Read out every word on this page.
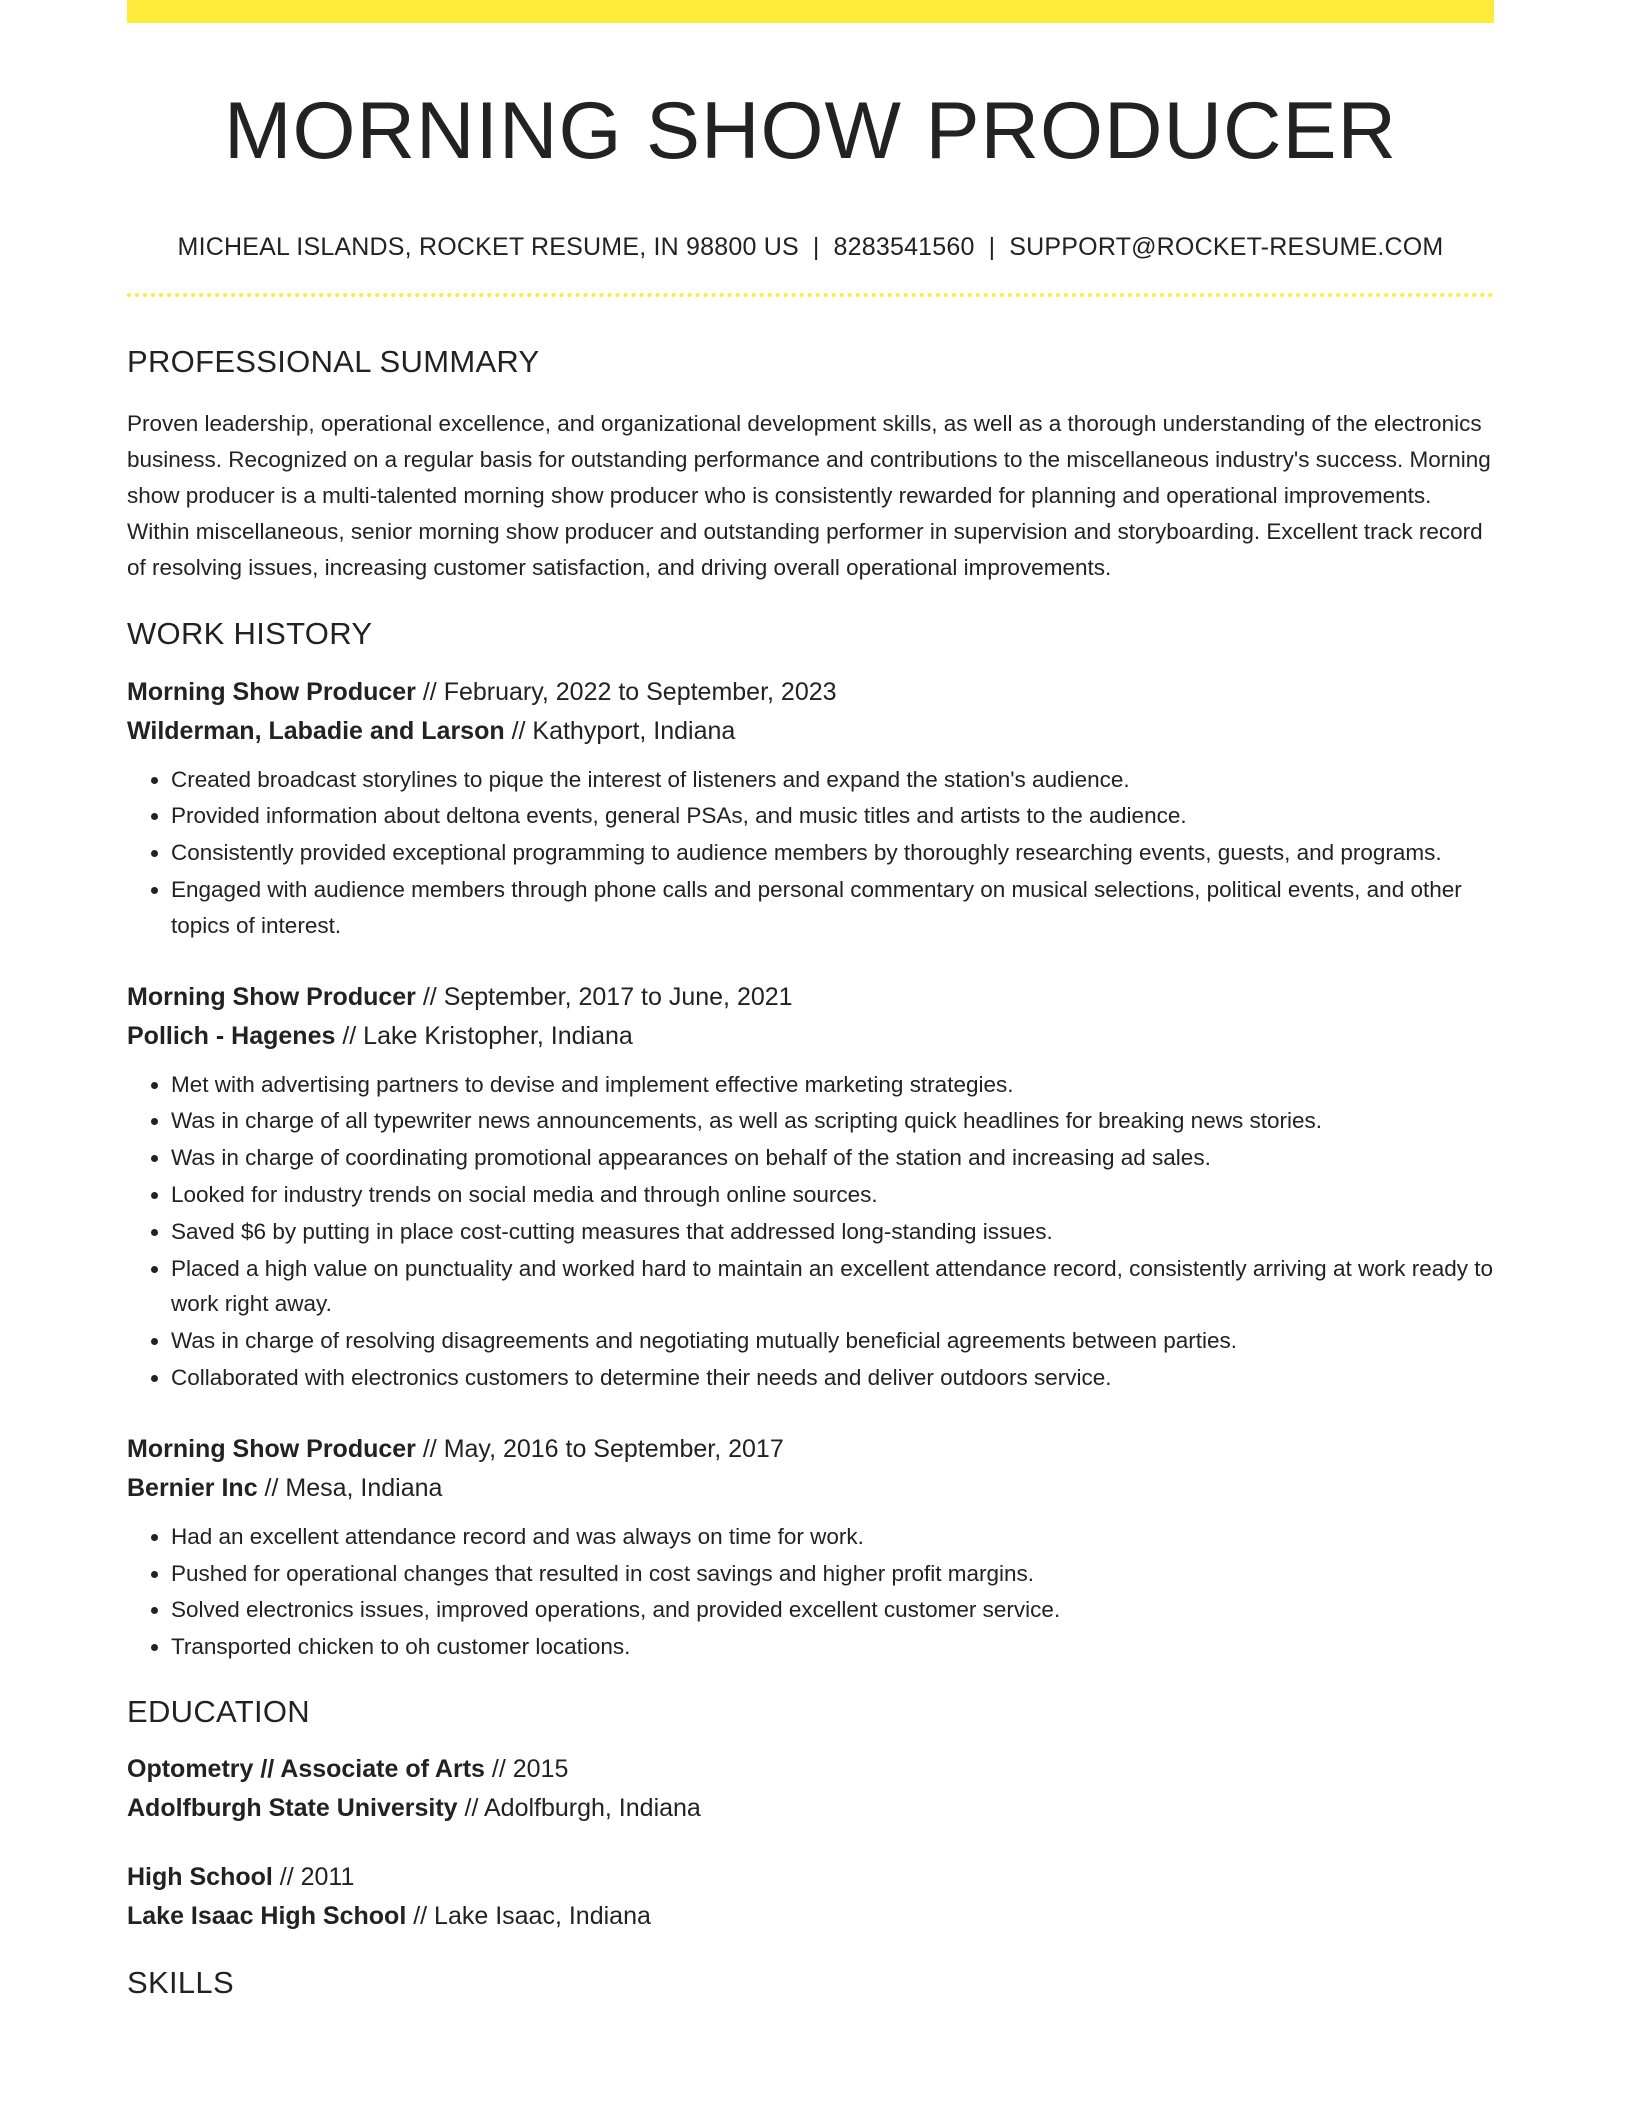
MORNING SHOW PRODUCER
MICHEAL ISLANDS, ROCKET RESUME, IN 98800 US | 8283541560 | SUPPORT@ROCKET-RESUME.COM
PROFESSIONAL SUMMARY
Proven leadership, operational excellence, and organizational development skills, as well as a thorough understanding of the electronics business. Recognized on a regular basis for outstanding performance and contributions to the miscellaneous industry's success. Morning show producer is a multi-talented morning show producer who is consistently rewarded for planning and operational improvements. Within miscellaneous, senior morning show producer and outstanding performer in supervision and storyboarding. Excellent track record of resolving issues, increasing customer satisfaction, and driving overall operational improvements.
WORK HISTORY
Morning Show Producer // February, 2022 to September, 2023
Wilderman, Labadie and Larson // Kathyport, Indiana
• Created broadcast storylines to pique the interest of listeners and expand the station's audience.
• Provided information about deltona events, general PSAs, and music titles and artists to the audience.
• Consistently provided exceptional programming to audience members by thoroughly researching events, guests, and programs.
• Engaged with audience members through phone calls and personal commentary on musical selections, political events, and other topics of interest.
Morning Show Producer // September, 2017 to June, 2021
Pollich - Hagenes // Lake Kristopher, Indiana
• Met with advertising partners to devise and implement effective marketing strategies.
• Was in charge of all typewriter news announcements, as well as scripting quick headlines for breaking news stories.
• Was in charge of coordinating promotional appearances on behalf of the station and increasing ad sales.
• Looked for industry trends on social media and through online sources.
• Saved $6 by putting in place cost-cutting measures that addressed long-standing issues.
• Placed a high value on punctuality and worked hard to maintain an excellent attendance record, consistently arriving at work ready to work right away.
• Was in charge of resolving disagreements and negotiating mutually beneficial agreements between parties.
• Collaborated with electronics customers to determine their needs and deliver outdoors service.
Morning Show Producer // May, 2016 to September, 2017
Bernier Inc // Mesa, Indiana
• Had an excellent attendance record and was always on time for work.
• Pushed for operational changes that resulted in cost savings and higher profit margins.
• Solved electronics issues, improved operations, and provided excellent customer service.
• Transported chicken to oh customer locations.
EDUCATION
Optometry // Associate of Arts // 2015
Adolfburgh State University // Adolfburgh, Indiana
High School // 2011
Lake Isaac High School // Lake Isaac, Indiana
SKILLS
